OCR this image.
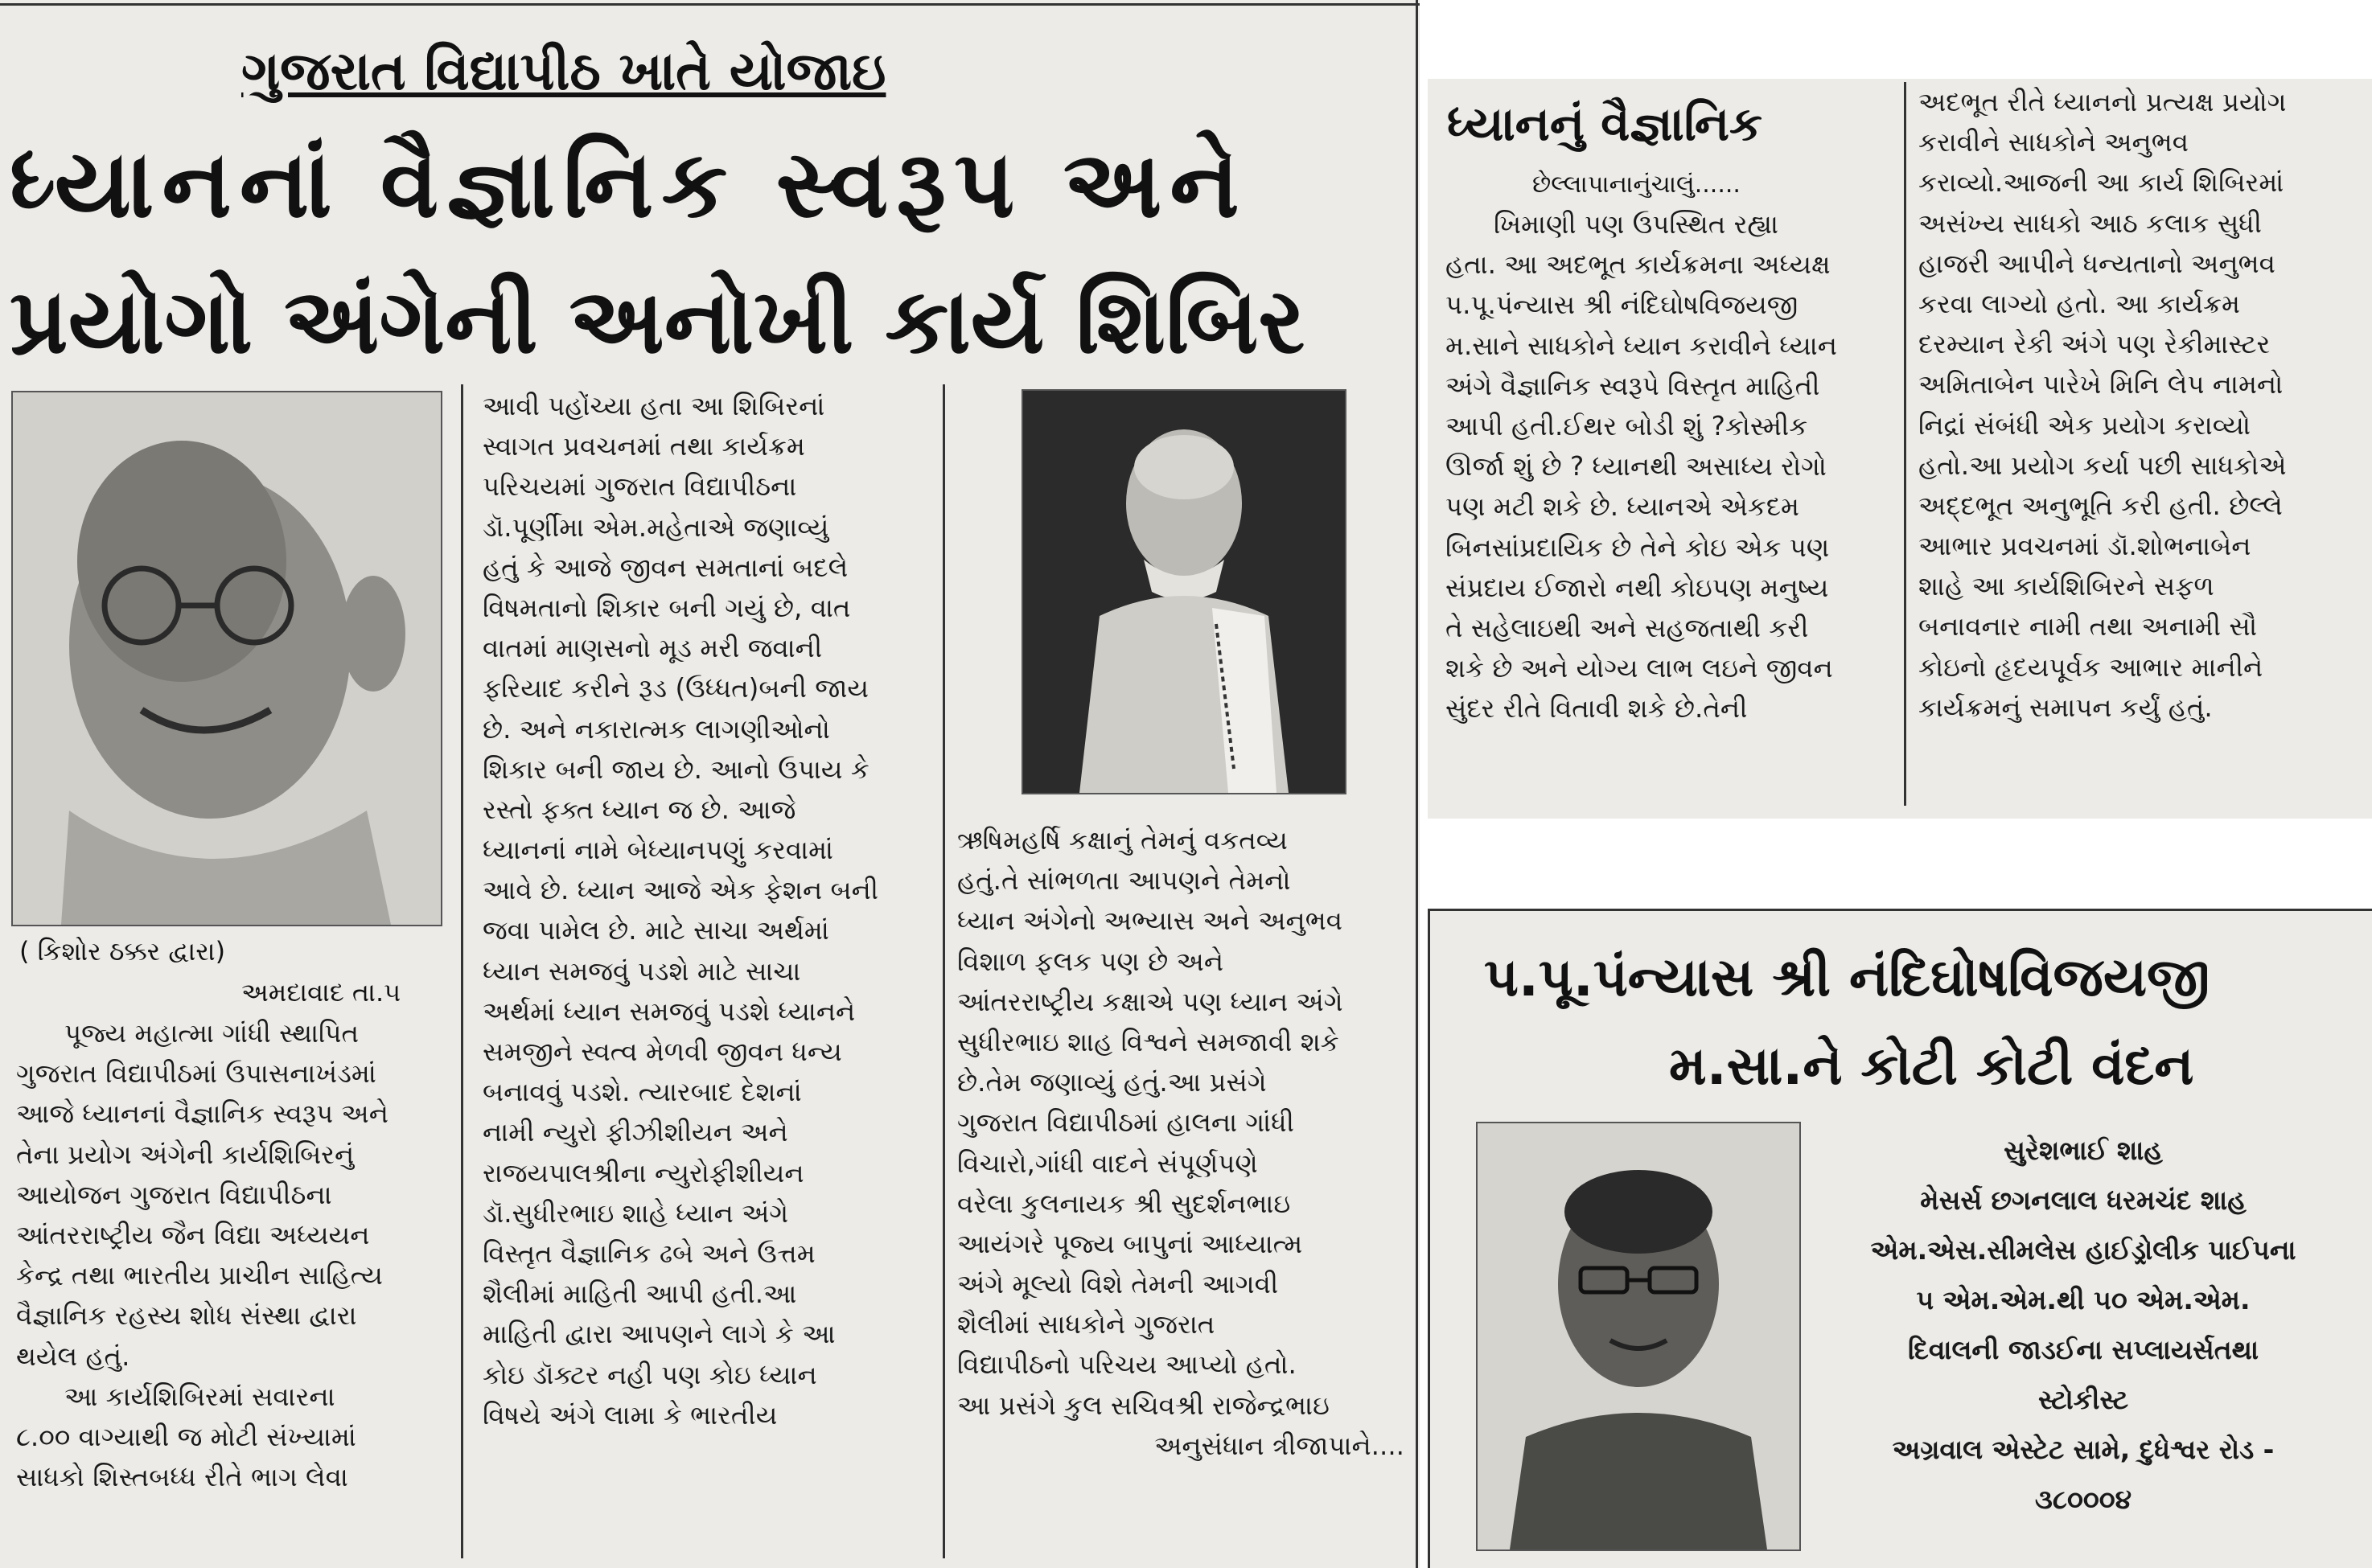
ગુજરાત વિદ્યાપીઠ ખાતે યોજાઇ
ધ્યાનનાં વૈજ્ઞાનિક સ્વરૂપ અને
પ્રયોગો અંગેની અનોખી કાર્ય શિબિર
( કિશોર ઠક્કર દ્વારા)
અમદાવાદ તા.૫
પૂજ્ય મહાત્મા ગાંધી સ્થાપિત
ગુજરાત વિદ્યાપીઠમાં ઉપાસનાખંડમાં
આજે ધ્યાનનાં વૈજ્ઞાનિક સ્વરૂપ અને
તેના પ્રયોગ અંગેની કાર્યશિબિરનું
આયોજન ગુજરાત વિદ્યાપીઠના
આંતરરાષ્ટ્રીય જૈન વિદ્યા અધ્યયન
કેન્દ્ર તથા ભારતીય પ્રાચીન સાહિત્ય
વૈજ્ઞાનિક રહસ્ય શોધ સંસ્થા દ્વારા
થયેલ હતું.
આ કાર્યશિબિરમાં સવારના
૮.૦૦ વાગ્યાથી જ મોટી સંખ્યામાં
સાધકો શિસ્તબધ્ધ રીતે ભાગ લેવા
આવી પહોંચ્યા હતા આ શિબિરનાં
સ્વાગત પ્રવચનમાં તથા કાર્યક્રમ
પરિચયમાં ગુજરાત વિદ્યાપીઠના
ડૉ.પૂર્ણીમા એમ.મહેતાએ જણાવ્યું
હતું કે આજે જીવન સમતાનાં બદલે
વિષમતાનો શિકાર બની ગયું છે, વાત
વાતમાં માણસનો મૂડ મરી જવાની
ફરિયાદ કરીને રૂડ (ઉધ્ધત)બની જાય
છે. અને નકારાત્મક લાગણીઓનો
શિકાર બની જાય છે. આનો ઉપાય કે
રસ્તો ફક્ત ધ્યાન જ છે. આજે
ધ્યાનનાં નામે બેધ્યાનપણું કરવામાં
આવે છે. ધ્યાન આજે એક ફેશન બની
જવા પામેલ છે. માટે સાચા અર્થમાં
ધ્યાન સમજવું પડશે માટે સાચા
અર્થમાં ધ્યાન સમજવું પડશે ધ્યાનને
સમજીને સ્વત્વ મેળવી જીવન ધન્ય
બનાવવું પડશે. ત્યારબાદ દેશનાં
નામી ન્યુરો ફીઝીશીયન અને
રાજયપાલશ્રીના ન્યુરોફીશીયન
ડૉ.સુધીરભાઇ શાહે ધ્યાન અંગે
વિસ્તૃત વૈજ્ઞાનિક ઢબે અને ઉત્તમ
શૈલીમાં માહિતી આપી હતી.આ
માહિતી દ્વારા આપણને લાગે કે આ
કોઇ ડૉક્ટર નહી પણ કોઇ ધ્યાન
વિષયે અંગે લામા કે ભારતીય
ઋષિમહર્ષિ કક્ષાનું તેમનું વકતવ્ય
હતું.તે સાંભળતા આપણને તેમનો
ધ્યાન અંગેનો અભ્યાસ અને અનુભવ
વિશાળ ફલક પણ છે અને
આંતરરાષ્ટ્રીય કક્ષાએ પણ ધ્યાન અંગે
સુધીરભાઇ શાહ વિશ્વને સમજાવી શકે
છે.તેમ જણાવ્યું હતું.આ પ્રસંગે
ગુજરાત વિદ્યાપીઠમાં હાલના ગાંધી
વિચારો,ગાંધી વાદને સંપૂર્ણપણે
વરેલા કુલનાયક શ્રી સુદર્શનભાઇ
આયંગરે પૂજ્ય બાપુનાં આધ્યાત્મ
અંગે મૂલ્યો વિશે તેમની આગવી
શૈલીમાં સાધકોને ગુજરાત
વિદ્યાપીઠનો પરિચય આપ્યો હતો.
આ પ્રસંગે કુલ સચિવશ્રી રાજેન્દ્રભાઇ
અનુસંધાન ત્રીજાપાને....
ધ્યાનનું વૈજ્ઞાનિક
છેલ્લાપાનાનુંચાલું......
ખિમાણી પણ ઉપસ્થિત રહ્યા
હતા. આ અદભૂત કાર્યક્રમના અધ્યક્ષ
પ.પૂ.પંન્યાસ શ્રી નંદિઘોષવિજયજી
મ.સાને સાધકોને ધ્યાન કરાવીને ધ્યાન
અંગે વૈજ્ઞાનિક સ્વરૂપે વિસ્તૃત માહિતી
આપી હતી.ઈથર બોડી શું ?કોસ્મીક
ઊર્જા શું છે ? ધ્યાનથી અસાધ્ય રોગો
પણ મટી શકે છે. ધ્યાનએ એકદમ
બિનસાંપ્રદાયિક છે તેને કોઇ એક પણ
સંપ્રદાય ઈજારો નથી કોઇપણ મનુષ્ય
તે સહેલાઇથી અને સહજતાથી કરી
શકે છે અને યોગ્ય લાભ લઇને જીવન
સુંદર રીતે વિતાવી શકે છે.તેની
અદભૂત રીતે ધ્યાનનો પ્રત્યક્ષ પ્રયોગ
કરાવીને સાધકોને અનુભવ
કરાવ્યો.આજની આ કાર્ય શિબિરમાં
અસંખ્ય સાધકો આઠ કલાક સુધી
હાજરી આપીને ધન્યતાનો અનુભવ
કરવા લાગ્યો હતો. આ કાર્યક્રમ
દરમ્યાન રેકી અંગે પણ રેકીમાસ્ટર
અમિતાબેન પારેખે મિનિ લેપ નામનો
નિદ્રાં સંબંધી એક પ્રયોગ કરાવ્યો
હતો.આ પ્રયોગ કર્યા પછી સાધકોએ
અદ્દભૂત અનુભૂતિ કરી હતી. છેલ્લે
આભાર પ્રવચનમાં ડૉ.શોભનાબેન
શાહે આ કાર્યશિબિરને સફળ
બનાવનાર નામી તથા અનામી સૌ
કોઇનો હૃદયપૂર્વક આભાર માનીને
કાર્યક્રમનું સમાપન કર્યું હતું.
પ.પૂ.પંન્યાસ શ્રી નંદિઘોષવિજયજી
મ.સા.ને કોટી કોટી વંદન
સુરેશભાઈ શાહ
મેસર્સ છગનલાલ ધરમચંદ શાહ
એમ.એસ.સીમલેસ હાઈડ્રોલીક પાઈપના
૫ એમ.એમ.થી ૫૦ એમ.એમ.
દિવાલની જાડઈના સપ્લાયર્સતથા
સ્ટોકીસ્ટ
અગ્રવાલ એસ્ટેટ સામે, દુધેશ્વર રોડ -
૩૮૦૦૦૪
